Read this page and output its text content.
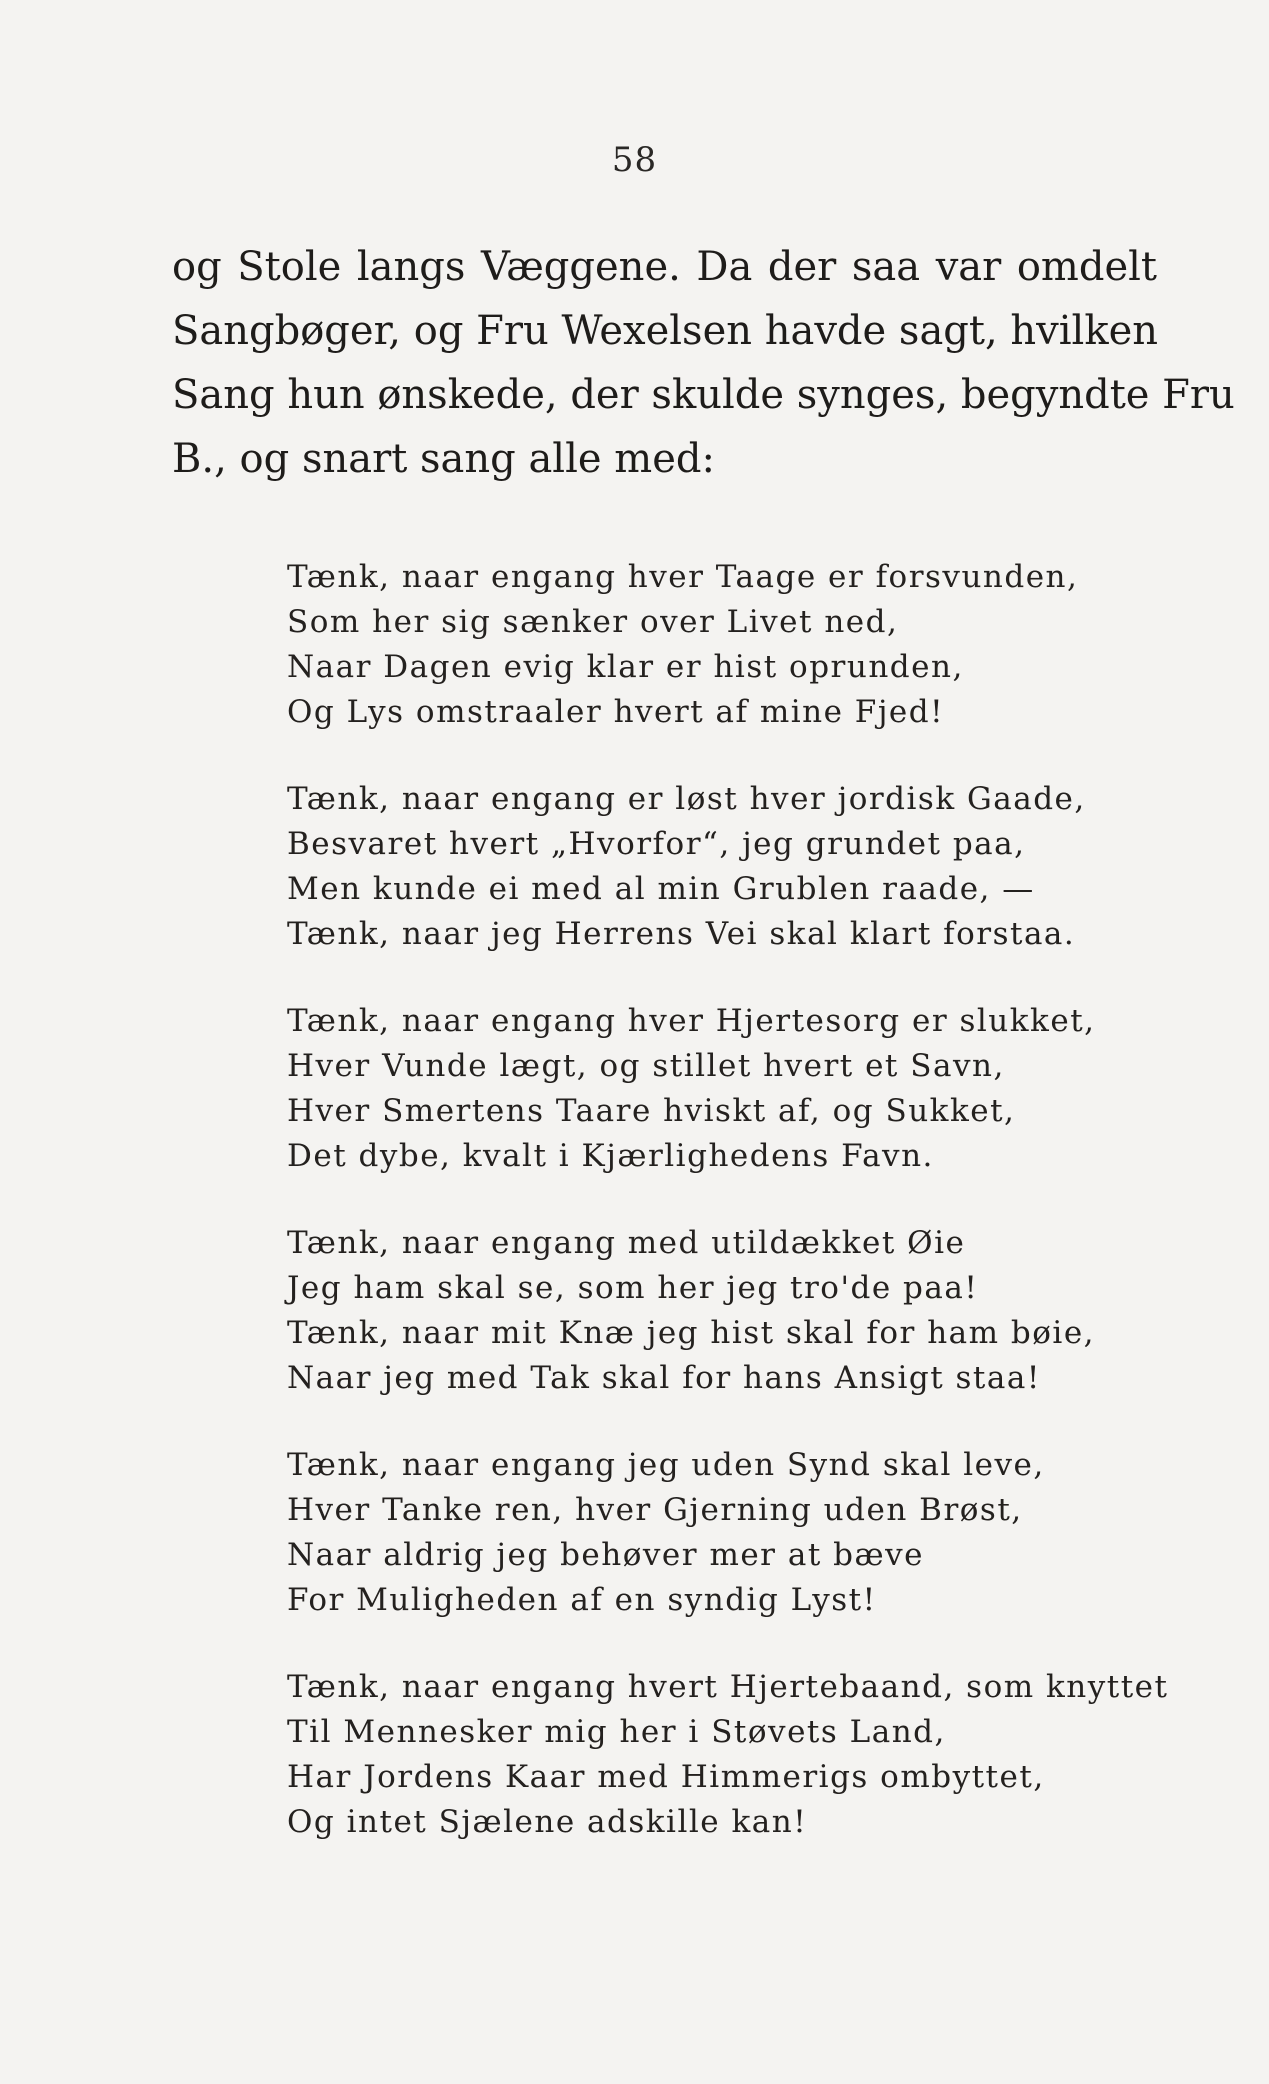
58
og Stole langs Væggene. Da der saa var omdelt
Sangbøger, og Fru Wexelsen havde sagt, hvilken
Sang hun ønskede, der skulde synges, begyndte Fru
B., og snart sang alle med:
Tænk, naar engang hver Taage er forsvunden,
Som her sig sænker over Livet ned,
Naar Dagen evig klar er hist oprunden,
Og Lys omstraaler hvert af mine Fjed!
Tænk, naar engang er løst hver jordisk Gaade,
Besvaret hvert „Hvorfor“, jeg grundet paa,
Men kunde ei med al min Grublen raade, —
Tænk, naar jeg Herrens Vei skal klart forstaa.
Tænk, naar engang hver Hjertesorg er slukket,
Hver Vunde lægt, og stillet hvert et Savn,
Hver Smertens Taare hviskt af, og Sukket,
Det dybe, kvalt i Kjærlighedens Favn.
Tænk, naar engang med utildækket Øie
Jeg ham skal se, som her jeg tro'de paa!
Tænk, naar mit Knæ jeg hist skal for ham bøie,
Naar jeg med Tak skal for hans Ansigt staa!
Tænk, naar engang jeg uden Synd skal leve,
Hver Tanke ren, hver Gjerning uden Brøst,
Naar aldrig jeg behøver mer at bæve
For Muligheden af en syndig Lyst!
Tænk, naar engang hvert Hjertebaand, som knyttet
Til Mennesker mig her i Støvets Land,
Har Jordens Kaar med Himmerigs ombyttet,
Og intet Sjælene adskille kan!
